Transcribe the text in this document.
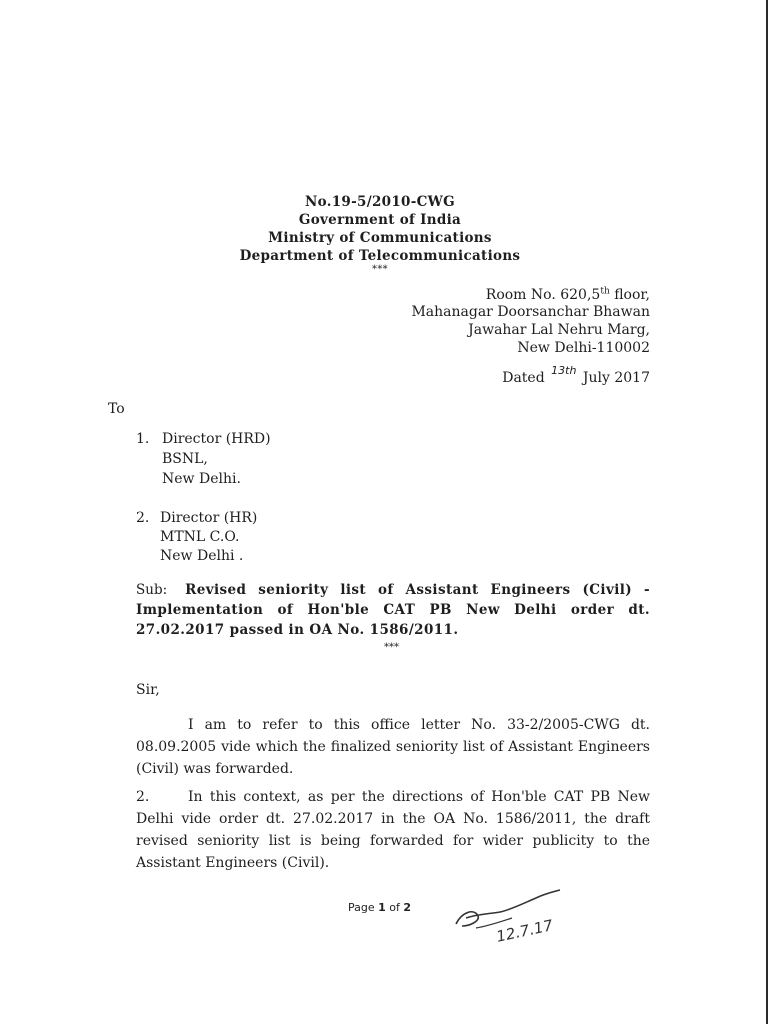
No.19-5/2010-CWG
Government of India
Ministry of Communications
Department of Telecommunications
***
Room No. 620,5th floor,
Mahanagar Doorsanchar Bhawan
Jawahar Lal Nehru Marg,
New Delhi-110002
Dated $^{13th}$ July 2017
To
1. Director (HRD)
BSNL,
New Delhi.
2. Director (HR)
MTNL C.O.
New Delhi .
Sub: Revised seniority list of Assistant Engineers (Civil) - Implementation of Hon'ble CAT PB New Delhi order dt. 27.02.2017 passed in OA No. 1586/2011.
***
Sir,
I am to refer to this office letter No. 33-2/2005-CWG dt. 08.09.2005 vide which the finalized seniority list of Assistant Engineers (Civil) was forwarded.
2.	In this context, as per the directions of Hon'ble CAT PB New Delhi vide order dt. 27.02.2017 in the OA No. 1586/2011, the draft revised seniority list is being forwarded for wider publicity to the Assistant Engineers (Civil).
Page 1 of 2
12.7.17
